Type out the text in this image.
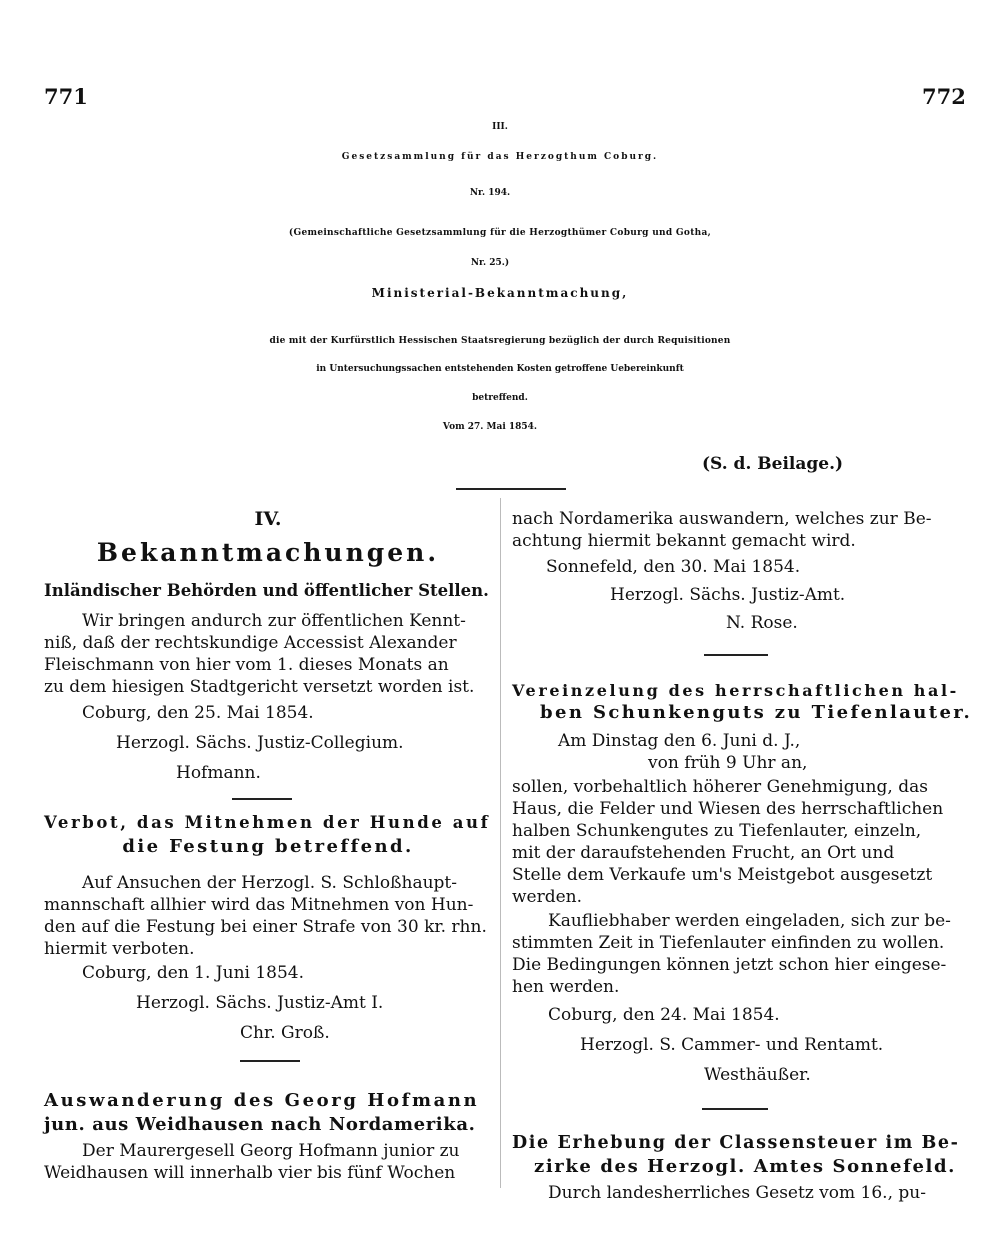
771	772
III.
Gesetzsammlung für das Herzogthum Coburg.
Nr. 194.
(Gemeinschaftliche Gesetzsammlung für die Herzogthümer Coburg und Gotha,
Nr. 25.)
Ministerial-Bekanntmachung,
die mit der Kurfürstlich Hessischen Staatsregierung bezüglich der durch Requisitionen
in Untersuchungssachen entstehenden Kosten getroffene Uebereinkunft
betreffend.
Vom 27. Mai 1854.
(S. d. Beilage.)
IV.
Bekanntmachungen.
Inländischer Behörden und öffentlicher Stellen.
Wir bringen andurch zur öffentlichen Kennt-
niß, daß der rechtskundige Accessist Alexander
Fleischmann von hier vom 1. dieses Monats an
zu dem hiesigen Stadtgericht versetzt worden ist.
Coburg, den 25. Mai 1854.
Herzogl. Sächs. Justiz-Collegium.
Hofmann.
Verbot, das Mitnehmen der Hunde auf
die Festung betreffend.
Auf Ansuchen der Herzogl. S. Schloßhaupt-
mannschaft allhier wird das Mitnehmen von Hun-
den auf die Festung bei einer Strafe von 30 kr. rhn.
hiermit verboten.
Coburg, den 1. Juni 1854.
Herzogl. Sächs. Justiz-Amt I.
Chr. Groß.
Auswanderung des Georg Hofmann
jun. aus Weidhausen nach Nordamerika.
Der Maurergesell Georg Hofmann junior zu
Weidhausen will innerhalb vier bis fünf Wochen
nach Nordamerika auswandern, welches zur Be-
achtung hiermit bekannt gemacht wird.
Sonnefeld, den 30. Mai 1854.
Herzogl. Sächs. Justiz-Amt.
N. Rose.
Vereinzelung des herrschaftlichen hal-
ben Schunkenguts zu Tiefenlauter.
Am Dinstag den 6. Juni d. J.,
von früh 9 Uhr an,
sollen, vorbehaltlich höherer Genehmigung, das
Haus, die Felder und Wiesen des herrschaftlichen
halben Schunkengutes zu Tiefenlauter, einzeln,
mit der daraufstehenden Frucht, an Ort und
Stelle dem Verkaufe um's Meistgebot ausgesetzt
werden.
Kaufliebhaber werden eingeladen, sich zur be-
stimmten Zeit in Tiefenlauter einfinden zu wollen.
Die Bedingungen können jetzt schon hier eingese-
hen werden.
Coburg, den 24. Mai 1854.
Herzogl. S. Cammer- und Rentamt.
Westhäußer.
Die Erhebung der Classensteuer im Be-
zirke des Herzogl. Amtes Sonnefeld.
Durch landesherrliches Gesetz vom 16., pu-
